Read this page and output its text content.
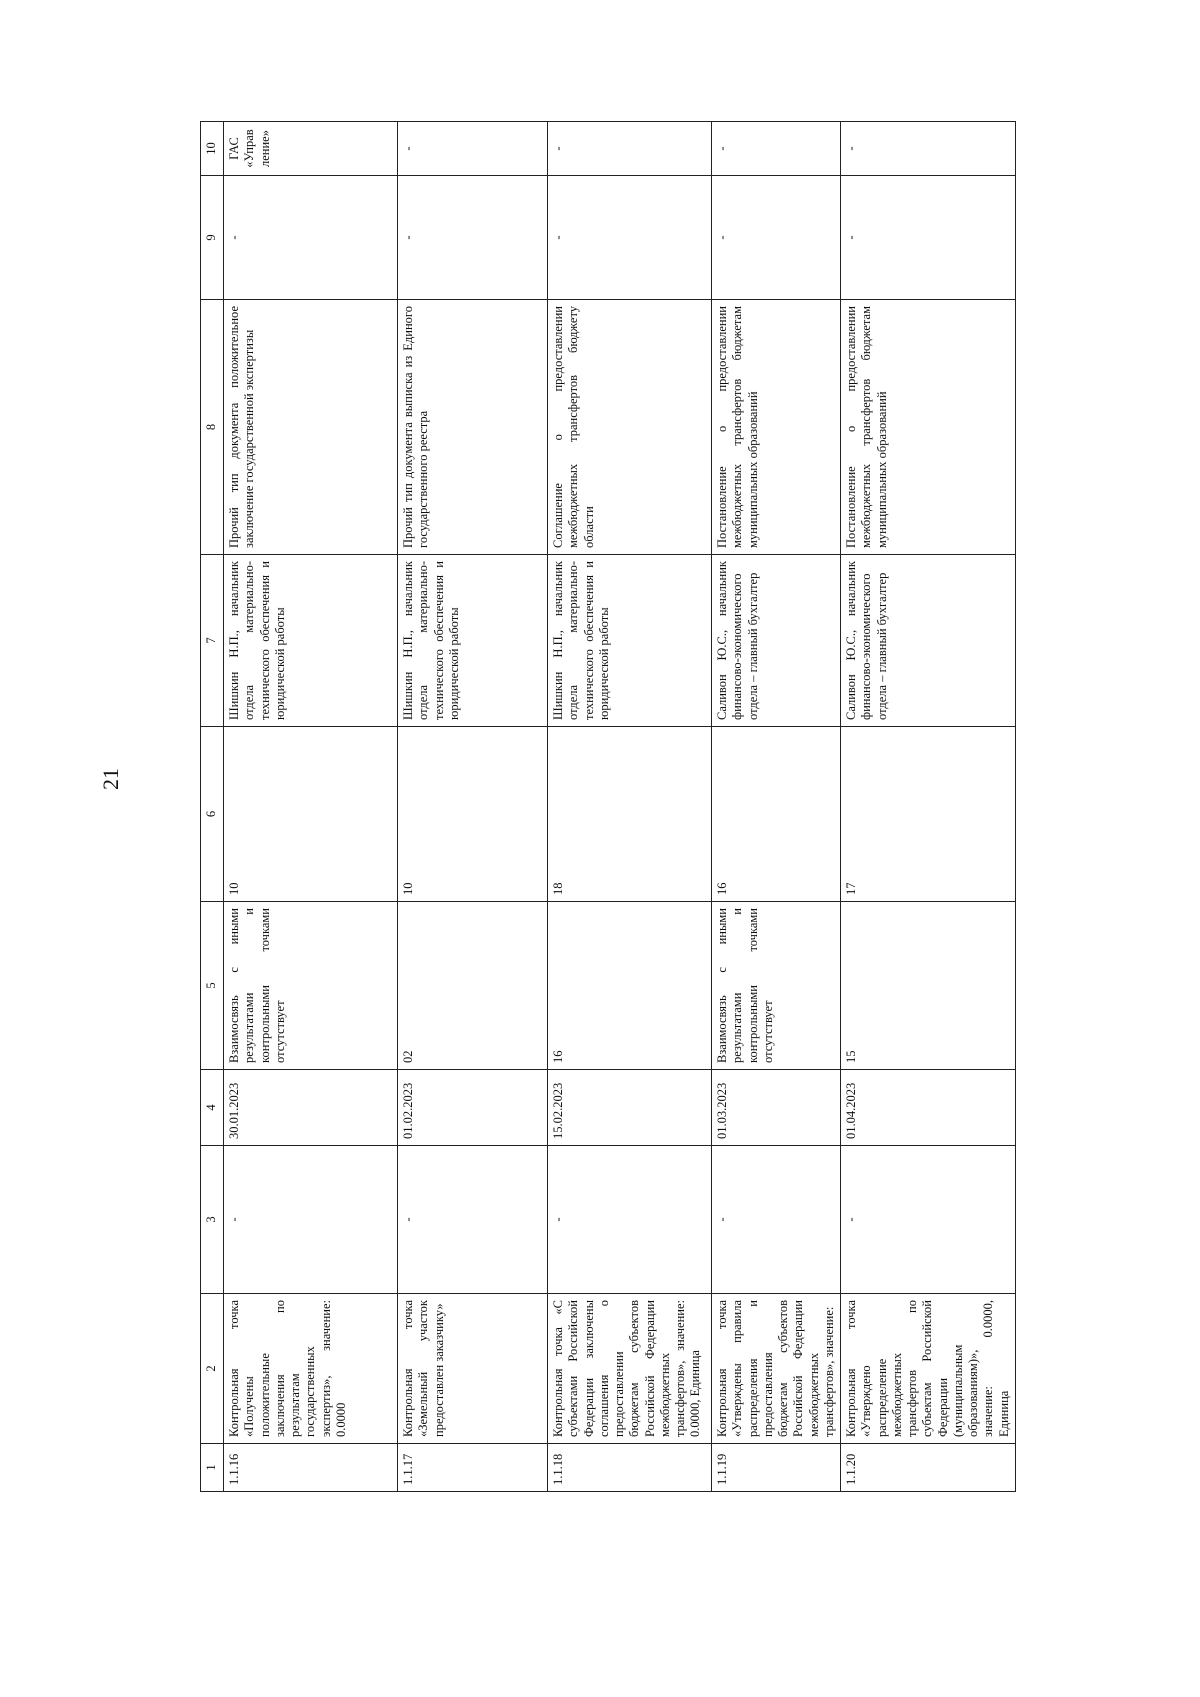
21
1	2	3	4	5	6	7	8	9	10
1.1.16	Контрольная точка «Получены положительные заключения по результатам государственных экспертиз», значение: 0.0000	-	30.01.2023	Взаимосвязь с иными результатами и контрольными точками отсутствует	10	Шишкин Н.П., начальник отдела материально-технического обеспечения и юридической работы	Прочий тип документа положительное заключение государственной экспертизы	-	ГАС «Управление»
1.1.17	Контрольная точка «Земельный участок предоставлен заказчику»	-	01.02.2023	02	10	Шишкин Н.П., начальник отдела материально-технического обеспечения и юридической работы	Прочий тип документа выписка из Единого государственного реестра	-	-
1.1.18	Контрольная точка «С субъектами Российской Федерации заключены соглашения о предоставлении бюджетам субъектов Российской Федерации межбюджетных трансфертов», значение: 0.0000, Единица	-	15.02.2023	16	18	Шишкин Н.П., начальник отдела материально-технического обеспечения и юридической работы	Соглашение о предоставлении межбюджетных трансфертов бюджету области	-	-
1.1.19	Контрольная точка «Утверждены правила распределения и предоставления бюджетам субъектов Российской Федерации межбюджетных трансфертов», значение:	-	01.03.2023	Взаимосвязь с иными результатами и контрольными точками отсутствует	16	Саливон Ю.С., начальник финансово-экономического отдела – главный бухгалтер	Постановление о предоставлении межбюджетных трансфертов бюджетам муниципальных образований	-	-
1.1.20	Контрольная точка «Утверждено распределение межбюджетных трансфертов по субъектам Российской Федерации (муниципальным образованиям)», значение: 0.0000, Единица	-	01.04.2023	15	17	Саливон Ю.С., начальник финансово-экономического отдела – главный бухгалтер	Постановление о предоставлении межбюджетных трансфертов бюджетам муниципальных образований	-	-
